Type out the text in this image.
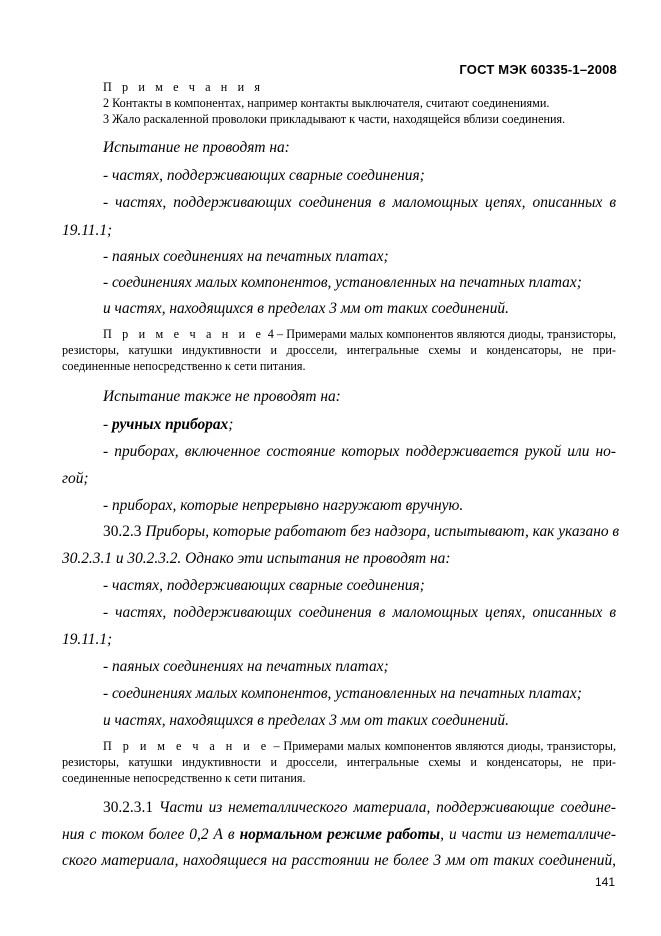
ГОСТ МЭК 60335-1–2008
П р и м е ч а н и я
2 Контакты в компонентах, например контакты выключателя, считают соединениями.
3 Жало раскаленной проволоки прикладывают к части, находящейся вблизи соединения.
Испытание не проводят на:
- частях, поддерживающих сварные соединения;
- частях, поддерживающих соединения в маломощных цепях, описанных в
19.11.1;
- паяных соединениях на печатных платах;
- соединениях малых компонентов, установленных на печатных платах;
и частях, находящихся в пределах 3 мм от таких соединений.
П р и м е ч а н и е 4 – Примерами малых компонентов являются диоды, транзисторы,
резисторы, катушки индуктивности и дроссели, интегральные схемы и конденсаторы, не при-
соединенные непосредственно к сети питания.
Испытание также не проводят на:
- ручных приборах;
- приборах, включенное состояние которых поддерживается рукой или но-
гой;
- приборах, которые непрерывно нагружают вручную.
30.2.3 Приборы, которые работают без надзора, испытывают, как указано в
30.2.3.1 и 30.2.3.2. Однако эти испытания не проводят на:
- частях, поддерживающих сварные соединения;
- частях, поддерживающих соединения в маломощных цепях, описанных в
19.11.1;
- паяных соединениях на печатных платах;
- соединениях малых компонентов, установленных на печатных платах;
и частях, находящихся в пределах 3 мм от таких соединений.
П р и м е ч а н и е – Примерами малых компонентов являются диоды, транзисторы,
резисторы, катушки индуктивности и дроссели, интегральные схемы и конденсаторы, не при-
соединенные непосредственно к сети питания.
30.2.3.1 Части из неметаллического материала, поддерживающие соедине-
ния с током более 0,2 А в нормальном режиме работы, и части из неметалличе-
ского материала, находящиеся на расстоянии не более 3 мм от таких соединений,
141
